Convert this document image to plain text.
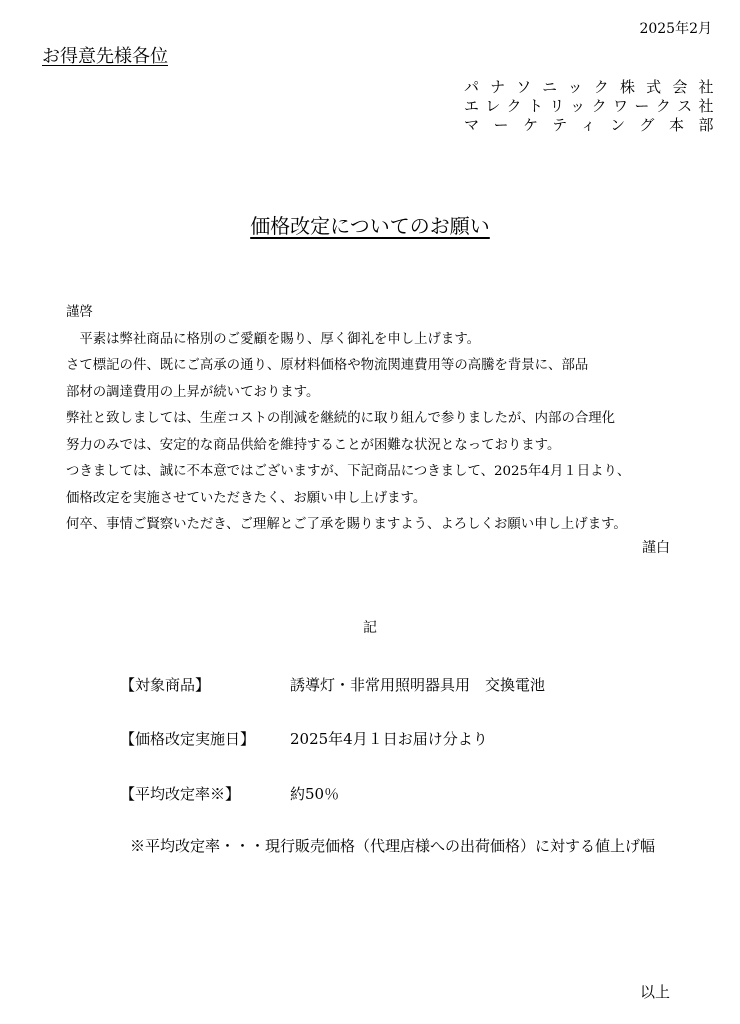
2025年2月
お得意先様各位
パナソニック株式会社
エレクトリックワークス社
マーケティング本部
価格改定についてのお願い

謹啓

平素は弊社商品に格別のご愛顧を賜り、厚く御礼を申し上げます。

さて標記の件、既にご高承の通り、原材料価格や物流関連費用等の高騰を背景に、部品

部材の調達費用の上昇が続いております。

弊社と致しましては、生産コストの削減を継続的に取り組んで参りましたが、内部の合理化

努力のみでは、安定的な商品供給を維持することが困難な状況となっております。

つきましては、誠に不本意ではございますが、下記商品につきまして、2025年4月１日より、

価格改定を実施させていただきたく、お願い申し上げます。

何卒、事情ご賢察いただき、ご理解とご了承を賜りますよう、よろしくお願い申し上げます。

謹白
記
【対象商品】	誘導灯・非常用照明器具用　交換電池
【価格改定実施日】 2025年4月１日お届け分より
【平均改定率※】	約50％
※平均改定率・・・現行販売価格（代理店様への出荷価格）に対する値上げ幅
以上
